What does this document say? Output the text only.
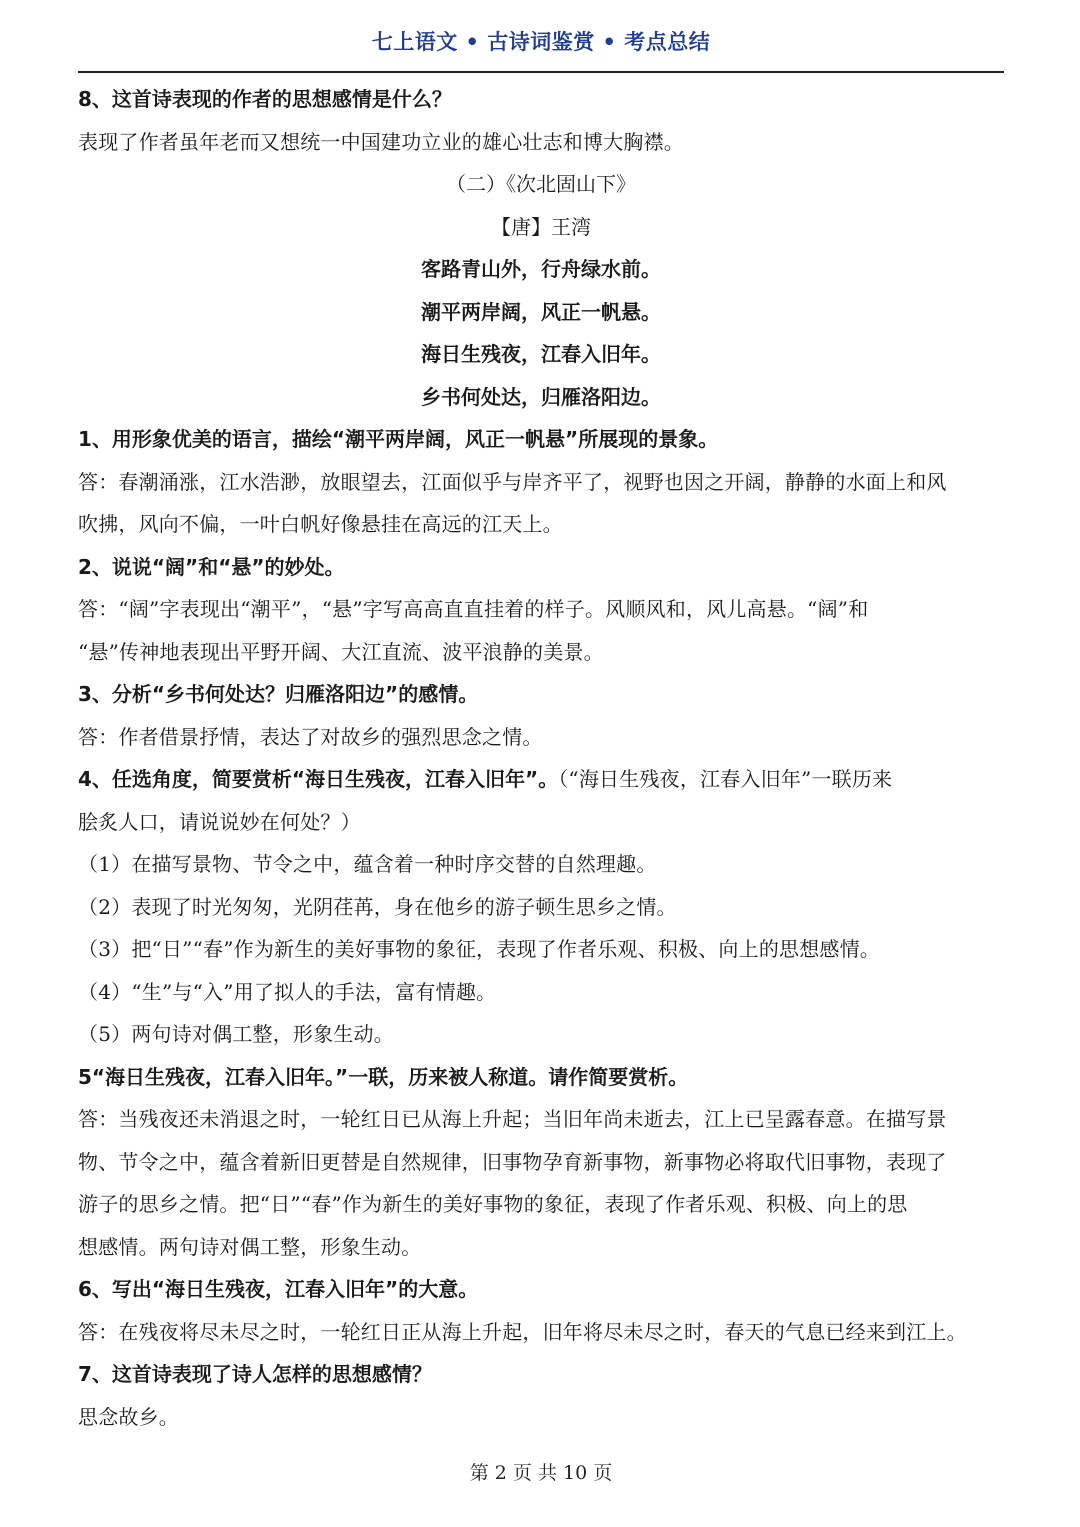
七上语文 • 古诗词鉴赏 • 考点总结
8、这首诗表现的作者的思想感情是什么？
表现了作者虽年老而又想统一中国建功立业的雄心壮志和博大胸襟。
（二）《次北固山下》
【唐】王湾
客路青山外，行舟绿水前。
潮平两岸阔，风正一帆悬。
海日生残夜，江春入旧年。
乡书何处达，归雁洛阳边。
1、用形象优美的语言，描绘“潮平两岸阔，风正一帆悬”所展现的景象。
答：春潮涌涨，江水浩渺，放眼望去，江面似乎与岸齐平了，视野也因之开阔，静静的水面上和风
吹拂，风向不偏，一叶白帆好像悬挂在高远的江天上。
2、说说“阔”和“悬”的妙处。
答：“阔”字表现出“潮平”，“悬”字写高高直直挂着的样子。风顺风和，风儿高悬。“阔”和
“悬”传神地表现出平野开阔、大江直流、波平浪静的美景。
3、分析“乡书何处达？归雁洛阳边”的感情。
答：作者借景抒情，表达了对故乡的强烈思念之情。
4、任选角度，简要赏析“海日生残夜，江春入旧年”。（“海日生残夜，江春入旧年”一联历来
脍炙人口，请说说妙在何处？）
（1）在描写景物、节令之中，蕴含着一种时序交替的自然理趣。
（2）表现了时光匆匆，光阴荏苒，身在他乡的游子顿生思乡之情。
（3）把“日”“春”作为新生的美好事物的象征，表现了作者乐观、积极、向上的思想感情。
（4）“生”与“入”用了拟人的手法，富有情趣。
（5）两句诗对偶工整，形象生动。
5“海日生残夜，江春入旧年。”一联，历来被人称道。请作简要赏析。
答：当残夜还未消退之时，一轮红日已从海上升起；当旧年尚未逝去，江上已呈露春意。在描写景
物、节令之中，蕴含着新旧更替是自然规律，旧事物孕育新事物，新事物必将取代旧事物，表现了
游子的思乡之情。把“日”“春”作为新生的美好事物的象征，表现了作者乐观、积极、向上的思
想感情。两句诗对偶工整，形象生动。
6、写出“海日生残夜，江春入旧年”的大意。
答：在残夜将尽未尽之时，一轮红日正从海上升起，旧年将尽未尽之时，春天的气息已经来到江上。
7、这首诗表现了诗人怎样的思想感情？
思念故乡。
第 2 页 共 10 页
